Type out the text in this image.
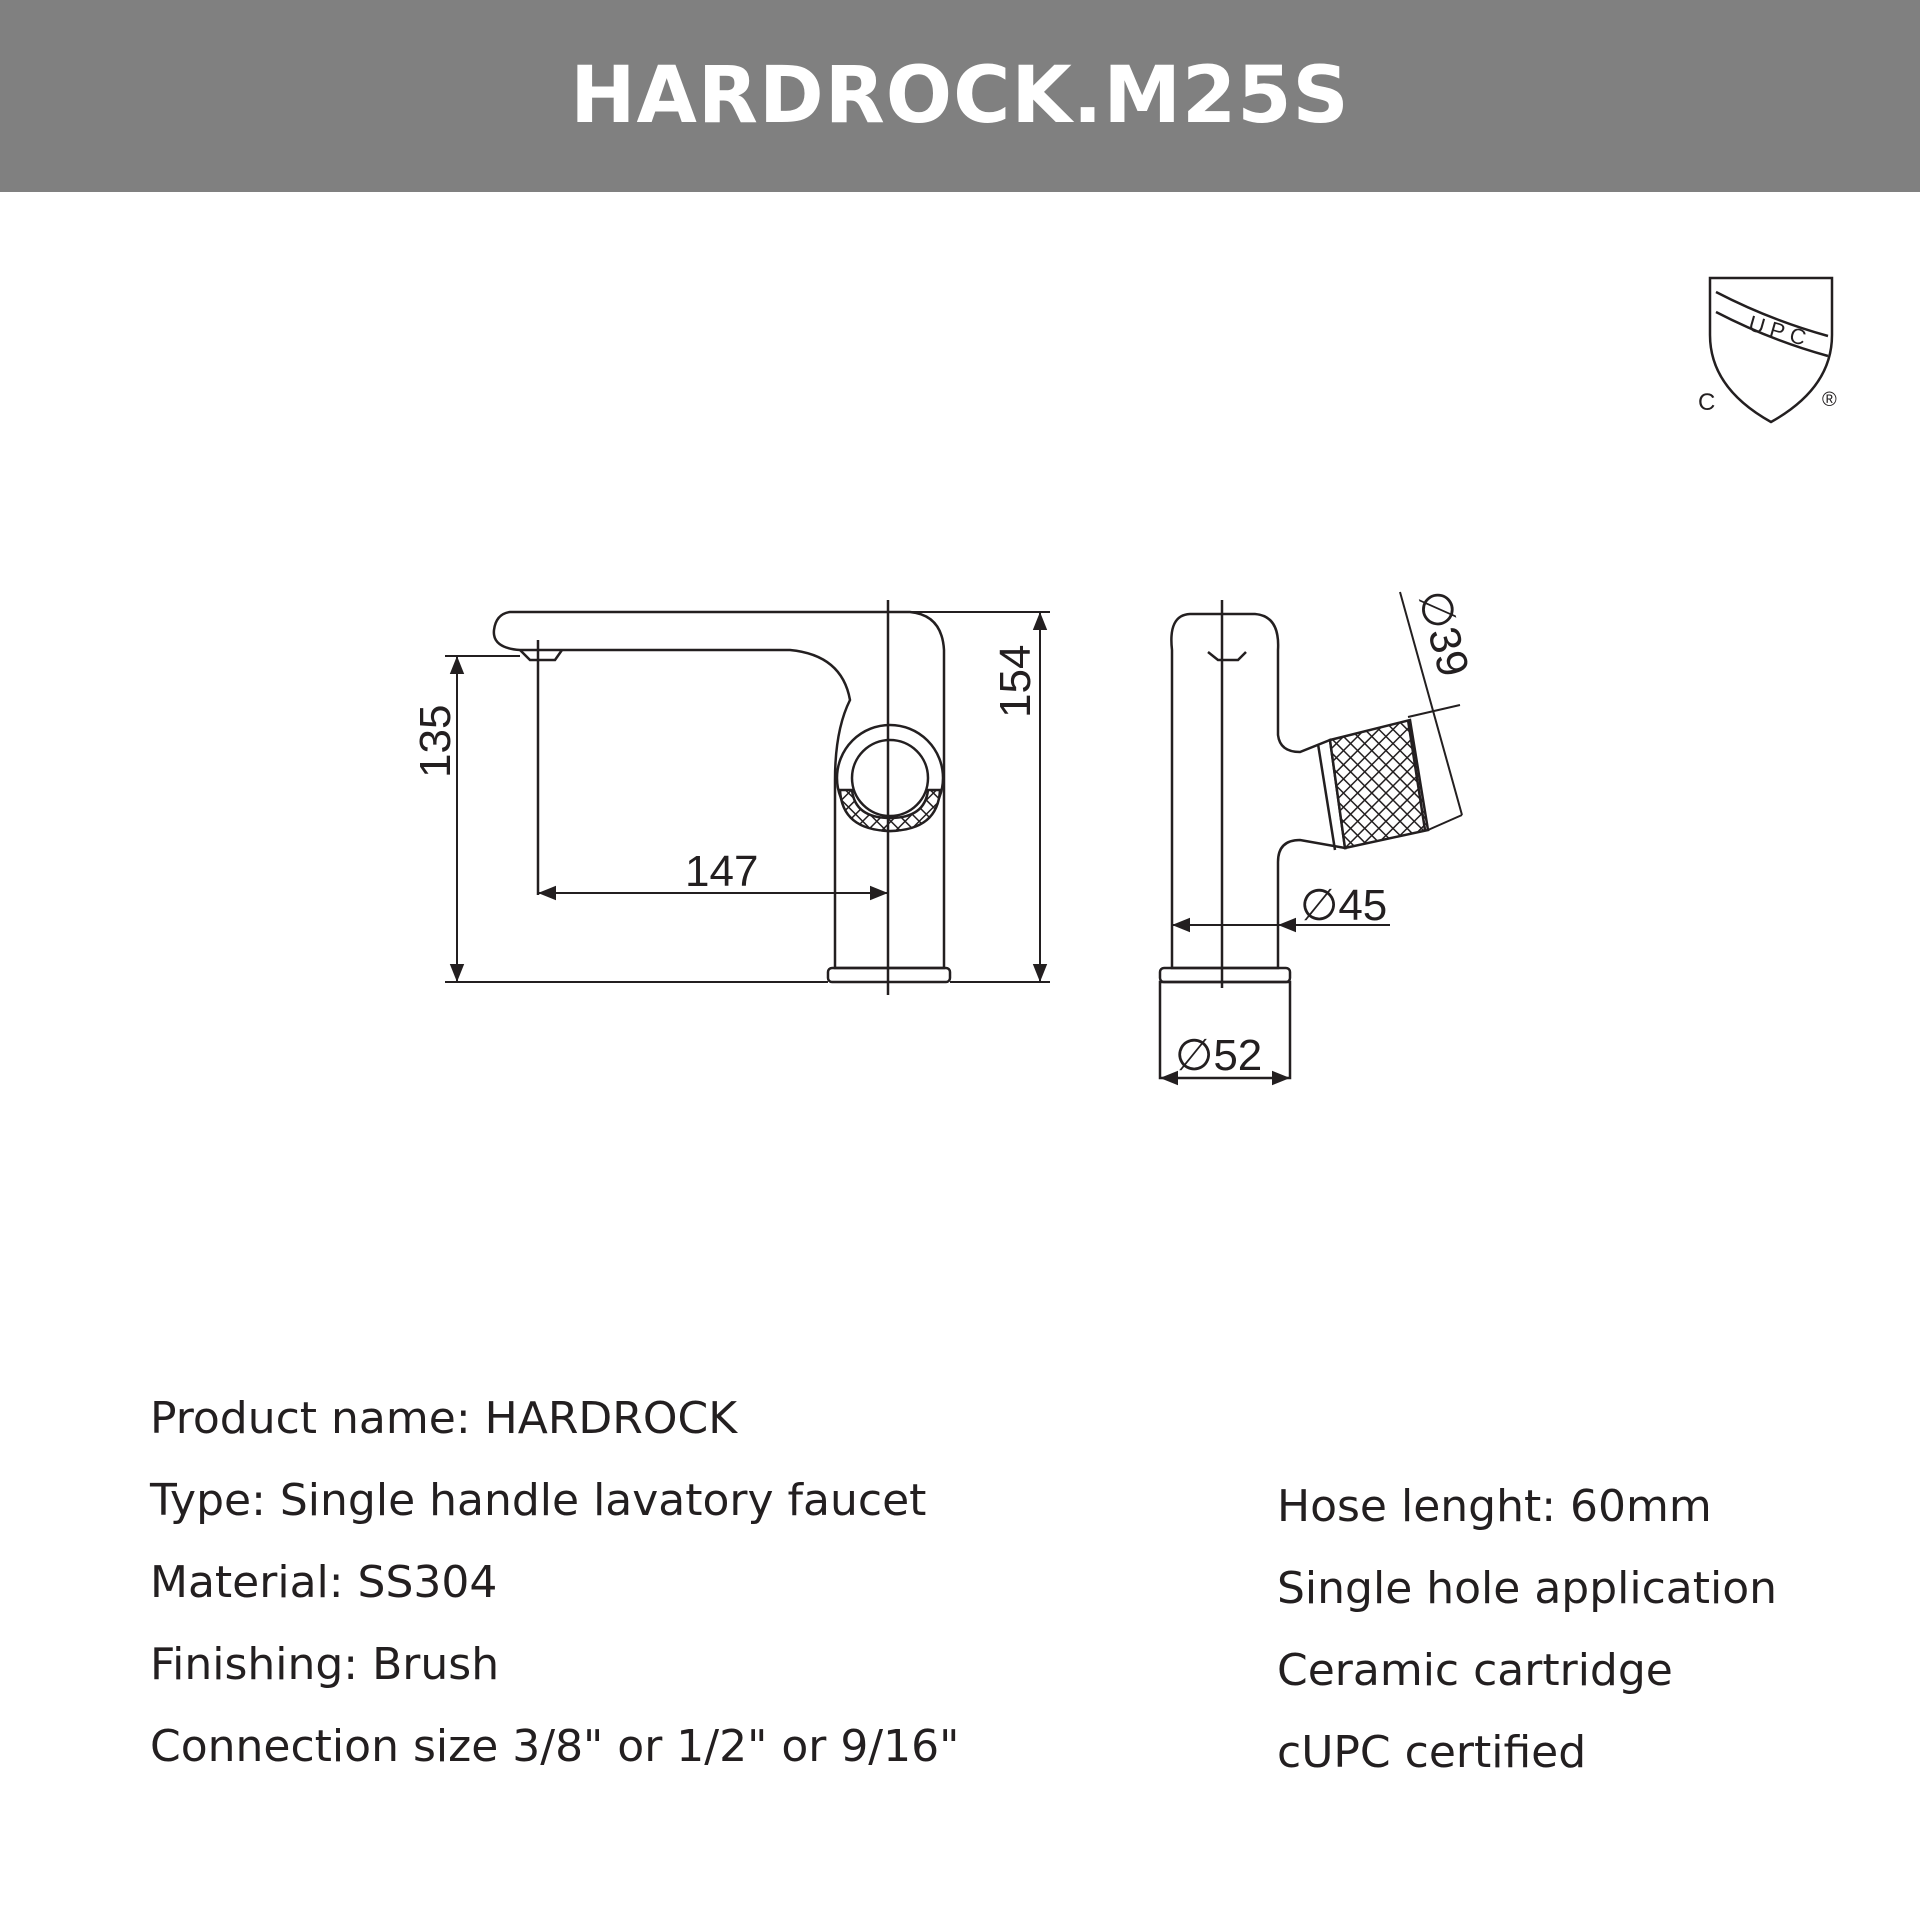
HARDROCK.M25S
UPC
C	®
154
135
147
∅39
∅45
∅52
Product name: HARDROCK
Type: Single handle lavatory faucet
Material: SS304
Finishing: Brush
Connection size 3/8" or 1/2" or 9/16"
Hose lenght: 60mm
Single hole application
Ceramic cartridge
cUPC certified
